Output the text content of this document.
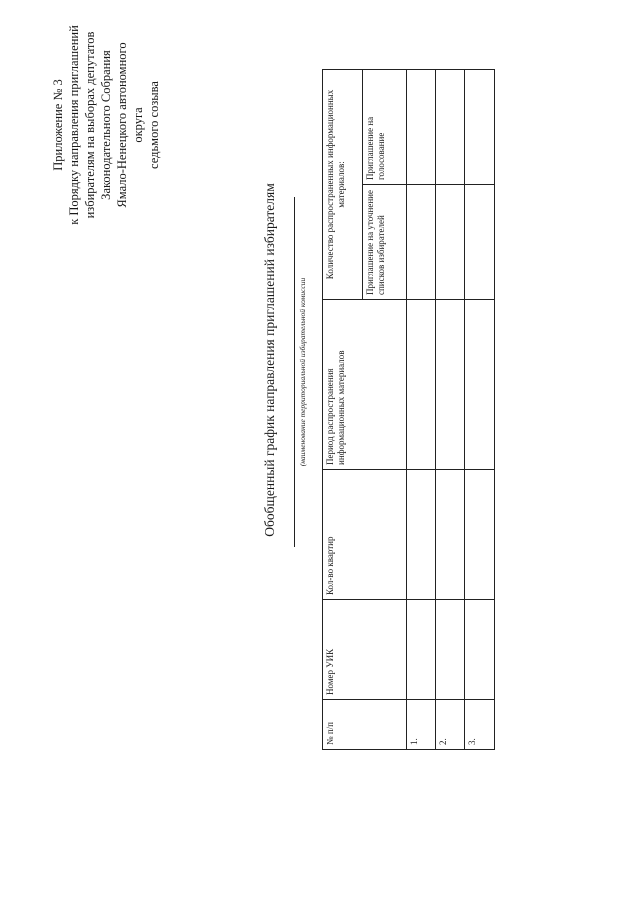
Приложение № 3 к Порядку направления приглашений избирателям на выборах депутатов Законодательного Собрания Ямало-Ненецкого автономного округа седьмого созыва
Обобщенный график направления приглашений избирателям	(наименование территориальной избирательной комиссии
№ п/п	Номер УИК	Кол-во квартир	Период распространения информационных материалов	Количество распространенных информационных материалов:	
				Приглашение на уточнение списков избирателей	Приглашение на голосование
1.					
2.					
3.					
